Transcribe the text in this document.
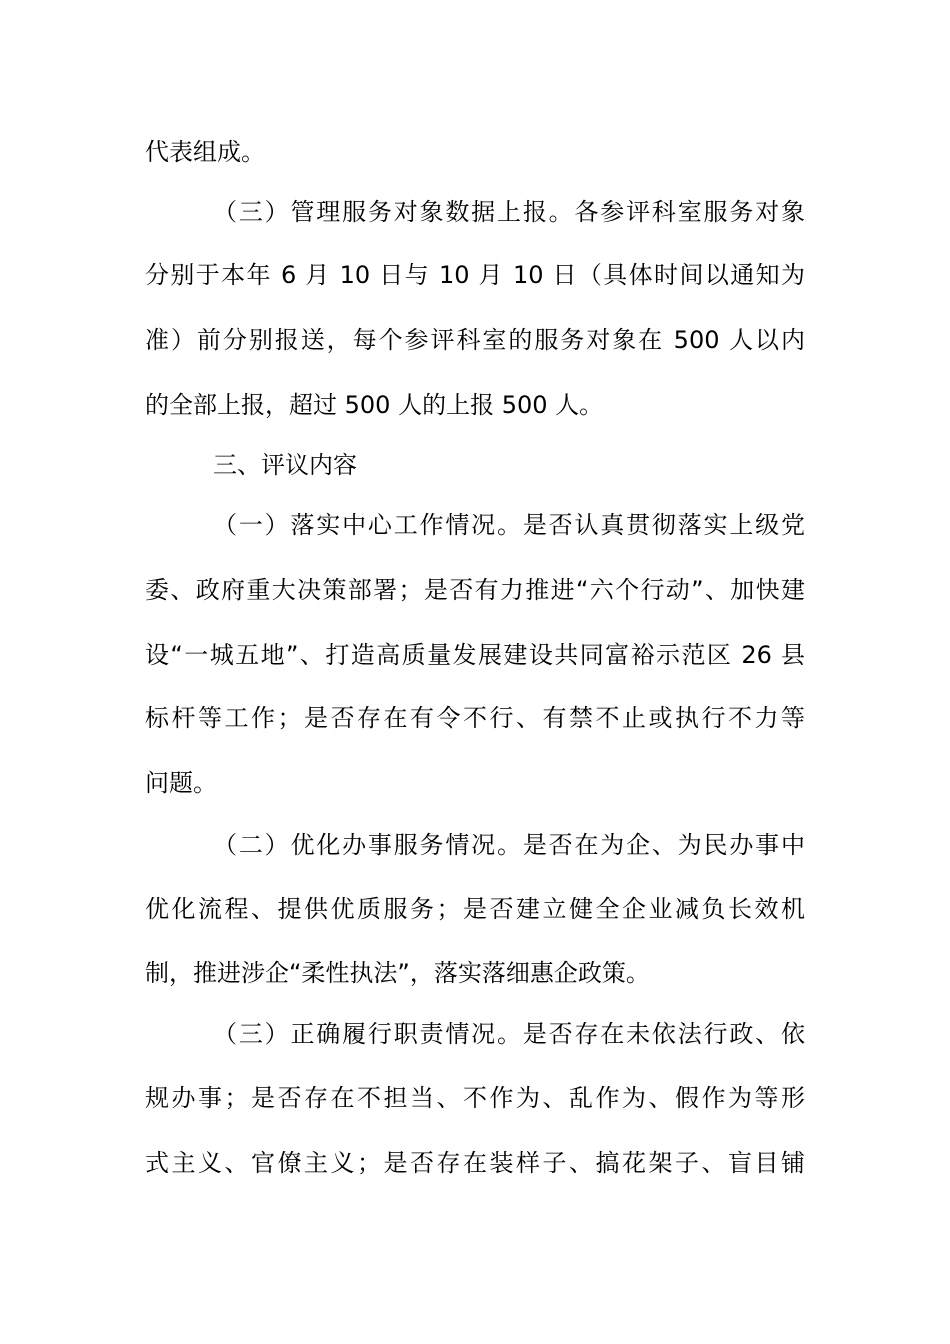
代表组成。
（三）管理服务对象数据上报。各参评科室服务对象
分别于本年 6 月 10 日与 10 月 10 日（具体时间以通知为
准）前分别报送，每个参评科室的服务对象在 500 人以内
的全部上报，超过 500 人的上报 500 人。
三、评议内容
（一）落实中心工作情况。是否认真贯彻落实上级党
委、政府重大决策部署；是否有力推进“六个行动”、加快建
设“一城五地”、打造高质量发展建设共同富裕示范区 26 县
标杆等工作；是否存在有令不行、有禁不止或执行不力等
问题。
（二）优化办事服务情况。是否在为企、为民办事中
优化流程、提供优质服务；是否建立健全企业减负长效机
制，推进涉企“柔性执法”，落实落细惠企政策。
（三）正确履行职责情况。是否存在未依法行政、依
规办事；是否存在不担当、不作为、乱作为、假作为等形
式主义、官僚主义；是否存在装样子、搞花架子、盲目铺
